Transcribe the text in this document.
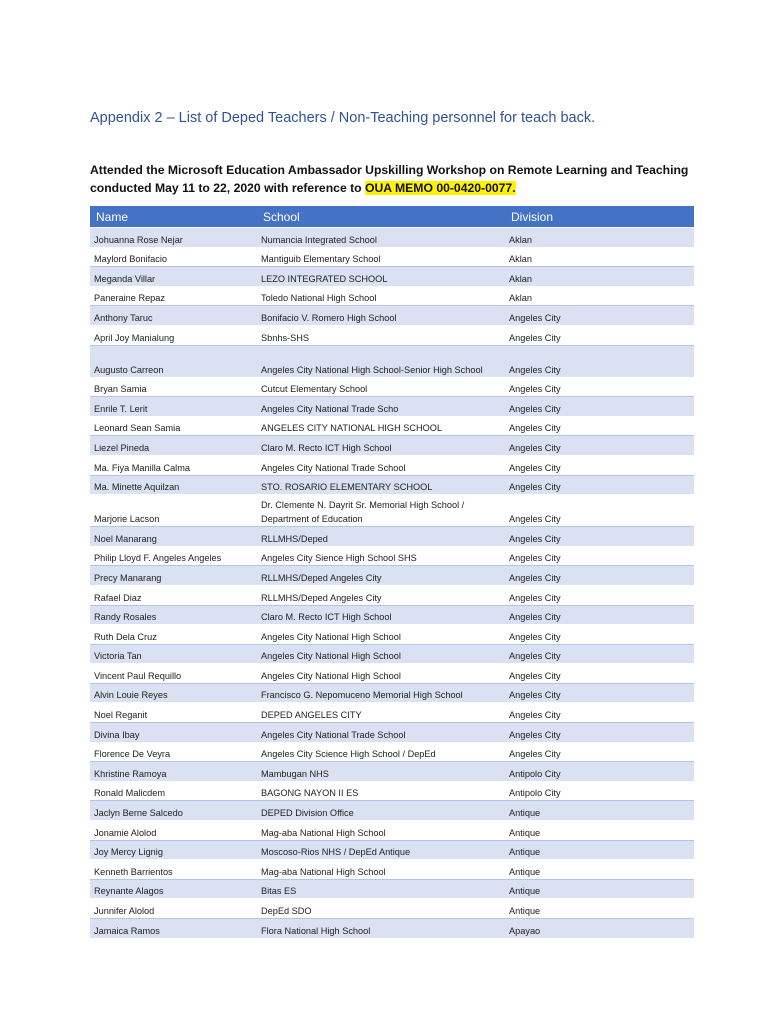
Appendix 2 – List of Deped Teachers / Non-Teaching personnel for teach back.
Attended the Microsoft Education Ambassador Upskilling Workshop on Remote Learning and Teaching conducted May 11 to 22, 2020 with reference to OUA MEMO 00-0420-0077.
Name	School	Division
Johuanna Rose Nejar	Numancia Integrated School	Aklan
Maylord Bonifacio	Mantiguib Elementary School	Aklan
Meganda Villar	LEZO INTEGRATED SCHOOL	Aklan
Paneraine Repaz	Toledo National High School	Aklan
Anthony Taruc	Bonifacio V. Romero High School	Angeles City
April Joy Manialung	Sbnhs-SHS	Angeles City
Augusto Carreon	Angeles City National High School-Senior High School	Angeles City
Bryan Samia	Cutcut Elementary School	Angeles City
Enrile T. Lerit	Angeles City National Trade Scho	Angeles City
Leonard Sean Samia	ANGELES CITY NATIONAL HIGH SCHOOL	Angeles City
Liezel Pineda	Claro M. Recto ICT High School	Angeles City
Ma. Fiya Manilla Calma	Angeles City National Trade School	Angeles City
Ma. Minette Aquilzan	STO. ROSARIO ELEMENTARY SCHOOL	Angeles City
Marjorie Lacson	Dr. Clemente N. Dayrit Sr. Memorial High School / Department of Education	Angeles City
Noel Manarang	RLLMHS/Deped	Angeles City
Philip Lloyd F. Angeles Angeles	Angeles City Sience High School SHS	Angeles City
Precy Manarang	RLLMHS/Deped Angeles City	Angeles City
Rafael Diaz	RLLMHS/Deped Angeles City	Angeles City
Randy Rosales	Claro M. Recto ICT High School	Angeles City
Ruth Dela Cruz	Angeles City National High School	Angeles City
Victoria Tan	Angeles City National High School	Angeles City
Vincent Paul Requillo	Angeles City National High School	Angeles City
Alvin Louie Reyes	Francisco G. Nepomuceno Memorial High School	Angeles City
Noel Reganit	DEPED ANGELES CITY	Angeles City
Divina Ibay	Angeles City National Trade School	Angeles City
Florence De Veyra	Angeles City Science High School / DepEd	Angeles City
Khristine Ramoya	Mambugan NHS	Antipolo City
Ronald Malicdem	BAGONG NAYON II ES	Antipolo City
Jaclyn Berne Salcedo	DEPED Division Office	Antique
Jonamie Alolod	Mag-aba National High School	Antique
Joy Mercy Lignig	Moscoso-Rios NHS / DepEd Antique	Antique
Kenneth Barrientos	Mag-aba National High School	Antique
Reynante Alagos	Bitas ES	Antique
Junnifer Alolod	DepEd SDO	Antique
Jamaica Ramos	Flora National High School	Apayao
